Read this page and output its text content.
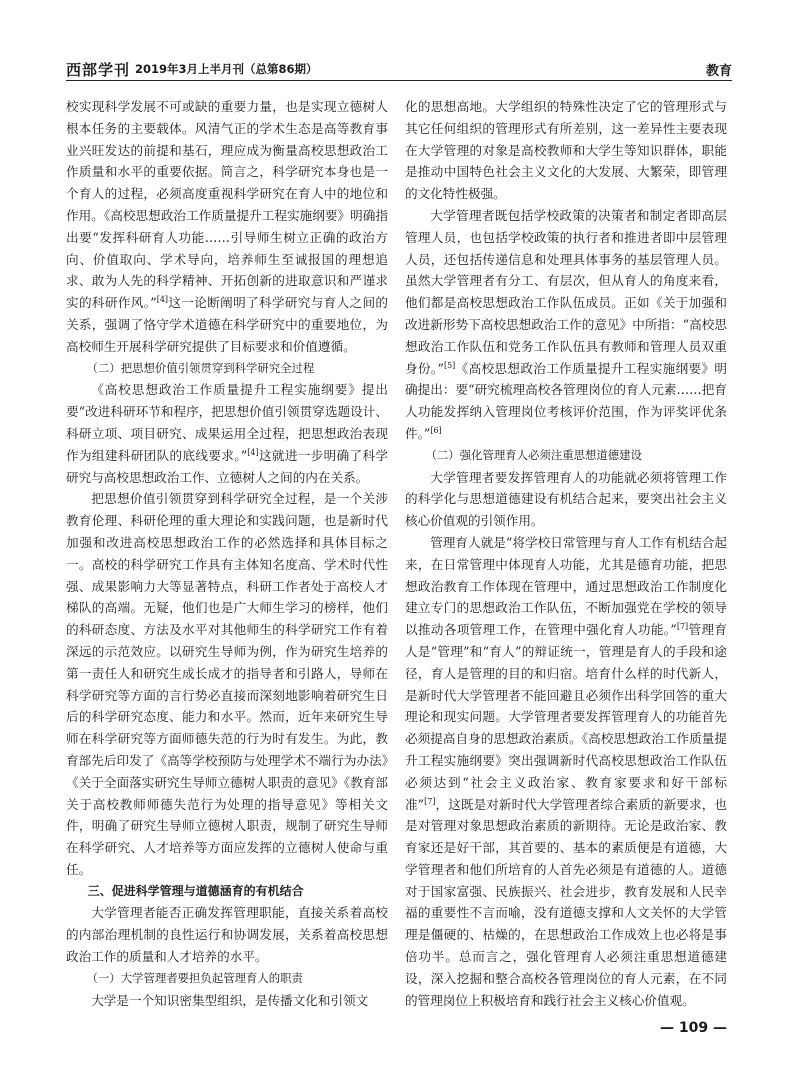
西部学刊 2019年3月上半月刊（总第86期）	教育

校实现科学发展不可或缺的重要力量，也是实现立德树人根本任务的主要载体。风清气正的学术生态是高等教育事业兴旺发达的前提和基石，理应成为衡量高校思想政治工作质量和水平的重要依据。简言之，科学研究本身也是一个育人的过程，必须高度重视科学研究在育人中的地位和作用。《高校思想政治工作质量提升工程实施纲要》明确指出要“发挥科研育人功能……引导师生树立正确的政治方向、价值取向、学术导向，培养师生至诚报国的理想追求、敢为人先的科学精神、开拓创新的进取意识和严谨求实的科研作风。”[4]这一论断阐明了科学研究与育人之间的关系，强调了恪守学术道德在科学研究中的重要地位，为高校师生开展科学研究提供了目标要求和价值遵循。

（二）把思想价值引领贯穿到科学研究全过程

《高校思想政治工作质量提升工程实施纲要》提出要“改进科研环节和程序，把思想价值引领贯穿选题设计、科研立项、项目研究、成果运用全过程，把思想政治表现作为组建科研团队的底线要求。”[4]这就进一步明确了科学研究与高校思想政治工作、立德树人之间的内在关系。

把思想价值引领贯穿到科学研究全过程，是一个关涉教育伦理、科研伦理的重大理论和实践问题，也是新时代加强和改进高校思想政治工作的必然选择和具体目标之一。高校的科学研究工作具有主体知名度高、学术时代性强、成果影响力大等显著特点，科研工作者处于高校人才梯队的高端。无疑，他们也是广大师生学习的榜样，他们的科研态度、方法及水平对其他师生的科学研究工作有着深远的示范效应。以研究生导师为例，作为研究生培养的第一责任人和研究生成长成才的指导者和引路人，导师在科学研究等方面的言行势必直接而深刻地影响着研究生日后的科学研究态度、能力和水平。然而，近年来研究生导师在科学研究等方面师德失范的行为时有发生。为此，教育部先后印发了《高等学校预防与处理学术不端行为办法》《关于全面落实研究生导师立德树人职责的意见》《教育部关于高校教师师德失范行为处理的指导意见》等相关文件，明确了研究生导师立德树人职责，规制了研究生导师在科学研究、人才培养等方面应发挥的立德树人使命与重任。

三、促进科学管理与道德涵育的有机结合

大学管理者能否正确发挥管理职能，直接关系着高校的内部治理机制的良性运行和协调发展，关系着高校思想政治工作的质量和人才培养的水平。

（一）大学管理者要担负起管理育人的职责

大学是一个知识密集型组织，是传播文化和引领文

化的思想高地。大学组织的特殊性决定了它的管理形式与其它任何组织的管理形式有所差别，这一差异性主要表现在大学管理的对象是高校教师和大学生等知识群体，职能是推动中国特色社会主义文化的大发展、大繁荣，即管理的文化特性极强。

大学管理者既包括学校政策的决策者和制定者即高层管理人员，也包括学校政策的执行者和推进者即中层管理人员，还包括传递信息和处理具体事务的基层管理人员。虽然大学管理者有分工、有层次，但从育人的角度来看，他们都是高校思想政治工作队伍成员。正如《关于加强和改进新形势下高校思想政治工作的意见》中所指：“高校思想政治工作队伍和党务工作队伍具有教师和管理人员双重身份。”[5]《高校思想政治工作质量提升工程实施纲要》明确提出：要“研究梳理高校各管理岗位的育人元素……把育人功能发挥纳入管理岗位考核评价范围，作为评奖评优条件。”[6]

（二）强化管理育人必须注重思想道德建设

大学管理者要发挥管理育人的功能就必须将管理工作的科学化与思想道德建设有机结合起来，要突出社会主义核心价值观的引领作用。

管理育人就是“将学校日常管理与育人工作有机结合起来，在日常管理中体现育人功能，尤其是德育功能，把思想政治教育工作体现在管理中，通过思想政治工作制度化建立专门的思想政治工作队伍，不断加强党在学校的领导以推动各项管理工作，在管理中强化育人功能。”[7]管理育人是“管理”和“育人”的辩证统一，管理是育人的手段和途径，育人是管理的目的和归宿。培育什么样的时代新人，是新时代大学管理者不能回避且必须作出科学回答的重大理论和现实问题。大学管理者要发挥管理育人的功能首先必须提高自身的思想政治素质。《高校思想政治工作质量提升工程实施纲要》突出强调新时代高校思想政治工作队伍必须达到“社会主义政治家、教育家要求和好干部标准”[7]，这既是对新时代大学管理者综合素质的新要求，也是对管理对象思想政治素质的新期待。无论是政治家、教育家还是好干部，其首要的、基本的素质便是有道德，大学管理者和他们所培育的人首先必须是有道德的人。道德对于国家富强、民族振兴、社会进步，教育发展和人民幸福的重要性不言而喻，没有道德支撑和人文关怀的大学管理是僵硬的、枯燥的，在思想政治工作成效上也必将是事倍功半。总而言之，强化管理育人必须注重思想道德建设，深入挖掘和整合高校各管理岗位的育人元素，在不同的管理岗位上积极培育和践行社会主义核心价值观。

— 109 —
